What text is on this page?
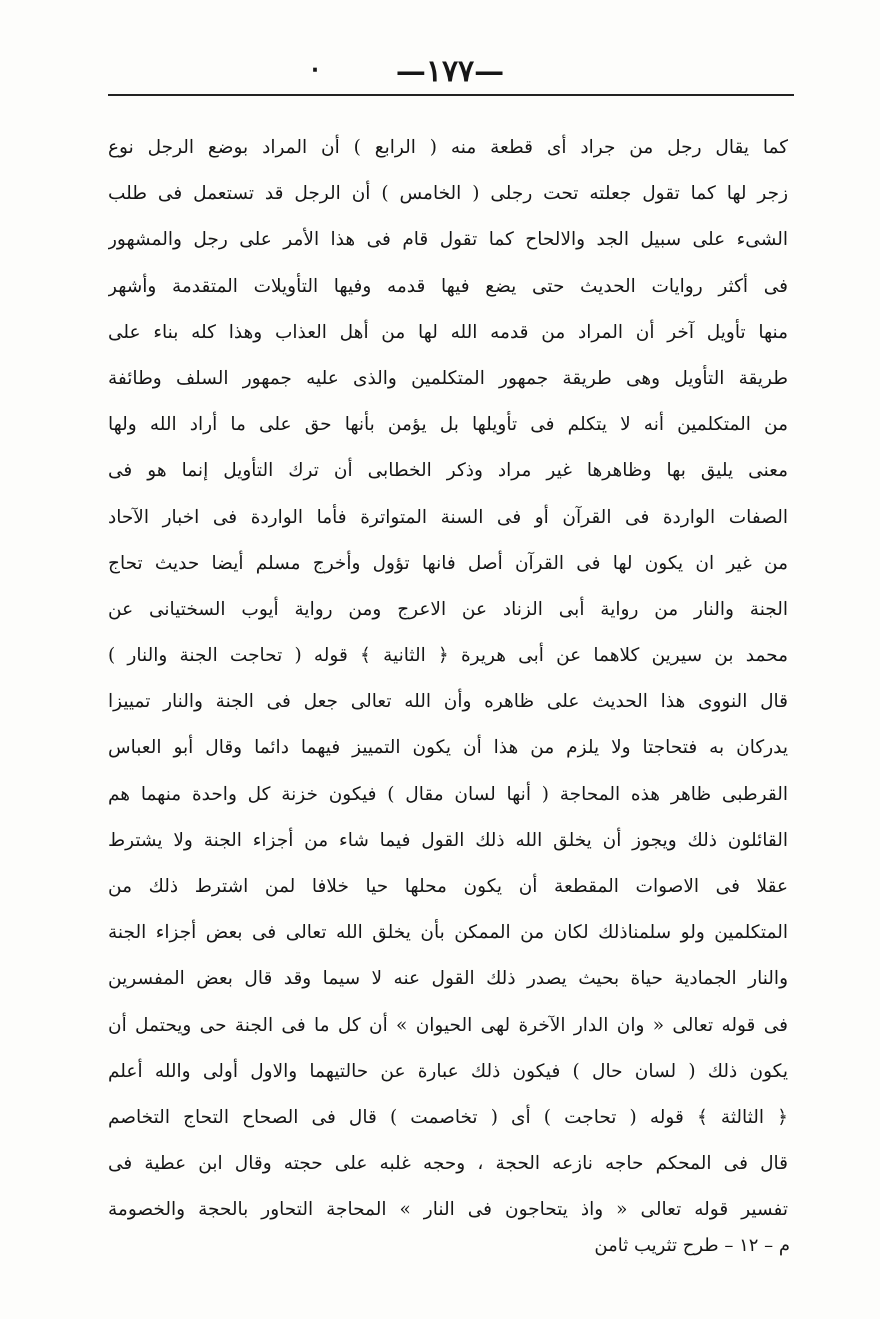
—١٧٧—
٠
كما يقال رجل من جراد أى قطعة منه ( الرابع ) أن المراد بوضع الرجل نوع
زجر لها كما تقول جعلته تحت رجلى ( الخامس ) أن الرجل قد تستعمل فى طلب
الشىء على سبيل الجد والالحاح كما تقول قام فى هذا الأمر على رجل والمشهور
فى أكثر روايات الحديث حتى يضع فيها قدمه وفيها التأويلات المتقدمة وأشهر
منها تأويل آخر أن المراد من قدمه الله لها من أهل العذاب وهذا كله بناء على
طريقة التأويل وهى طريقة جمهور المتكلمين والذى عليه جمهور السلف وطائفة
من المتكلمين أنه لا يتكلم فى تأويلها بل يؤمن بأنها حق على ما أراد الله ولها
معنى يليق بها وظاهرها غير مراد وذكر الخطابى أن ترك التأويل إنما هو فى
الصفات الواردة فى القرآن أو فى السنة المتواترة فأما الواردة فى اخبار الآحاد
من غير ان يكون لها فى القرآن أصل فانها تؤول وأخرج مسلم أيضا حديث تحاج
الجنة والنار من رواية أبى الزناد عن الاعرج ومن رواية أيوب السختيانى عن
محمد بن سيرين كلاهما عن أبى هريرة ﴿ الثانية ﴾ قوله ( تحاجت الجنة والنار )
قال النووى هذا الحديث على ظاهره وأن الله تعالى جعل فى الجنة والنار تمييزا
يدركان به فتحاجتا ولا يلزم من هذا أن يكون التمييز فيهما دائما وقال أبو العباس
القرطبى ظاهر هذه المحاجة ( أنها لسان مقال ) فيكون خزنة كل واحدة منهما هم
القائلون ذلك ويجوز أن يخلق الله ذلك القول فيما شاء من أجزاء الجنة ولا يشترط
عقلا فى الاصوات المقطعة أن يكون محلها حيا خلافا لمن اشترط ذلك من
المتكلمين ولو سلمناذلك لكان من الممكن بأن يخلق الله تعالى فى بعض أجزاء الجنة
والنار الجمادية حياة بحيث يصدر ذلك القول عنه لا سيما وقد قال بعض المفسرين
فى قوله تعالى « وان الدار الآخرة لهى الحيوان » أن كل ما فى الجنة حى ويحتمل أن
يكون ذلك ( لسان حال ) فيكون ذلك عبارة عن حالتيهما والاول أولى والله أعلم
﴿ الثالثة ﴾ قوله ( تحاجت ) أى ( تخاصمت ) قال فى الصحاح التحاج التخاصم
قال فى المحكم حاجه نازعه الحجة ، وحجه غلبه على حجته وقال ابن عطية فى
تفسير قوله تعالى « واذ يتحاجون فى النار » المحاجة التحاور بالحجة والخصومة
م – ١٢ – طرح تثريب ثامن
